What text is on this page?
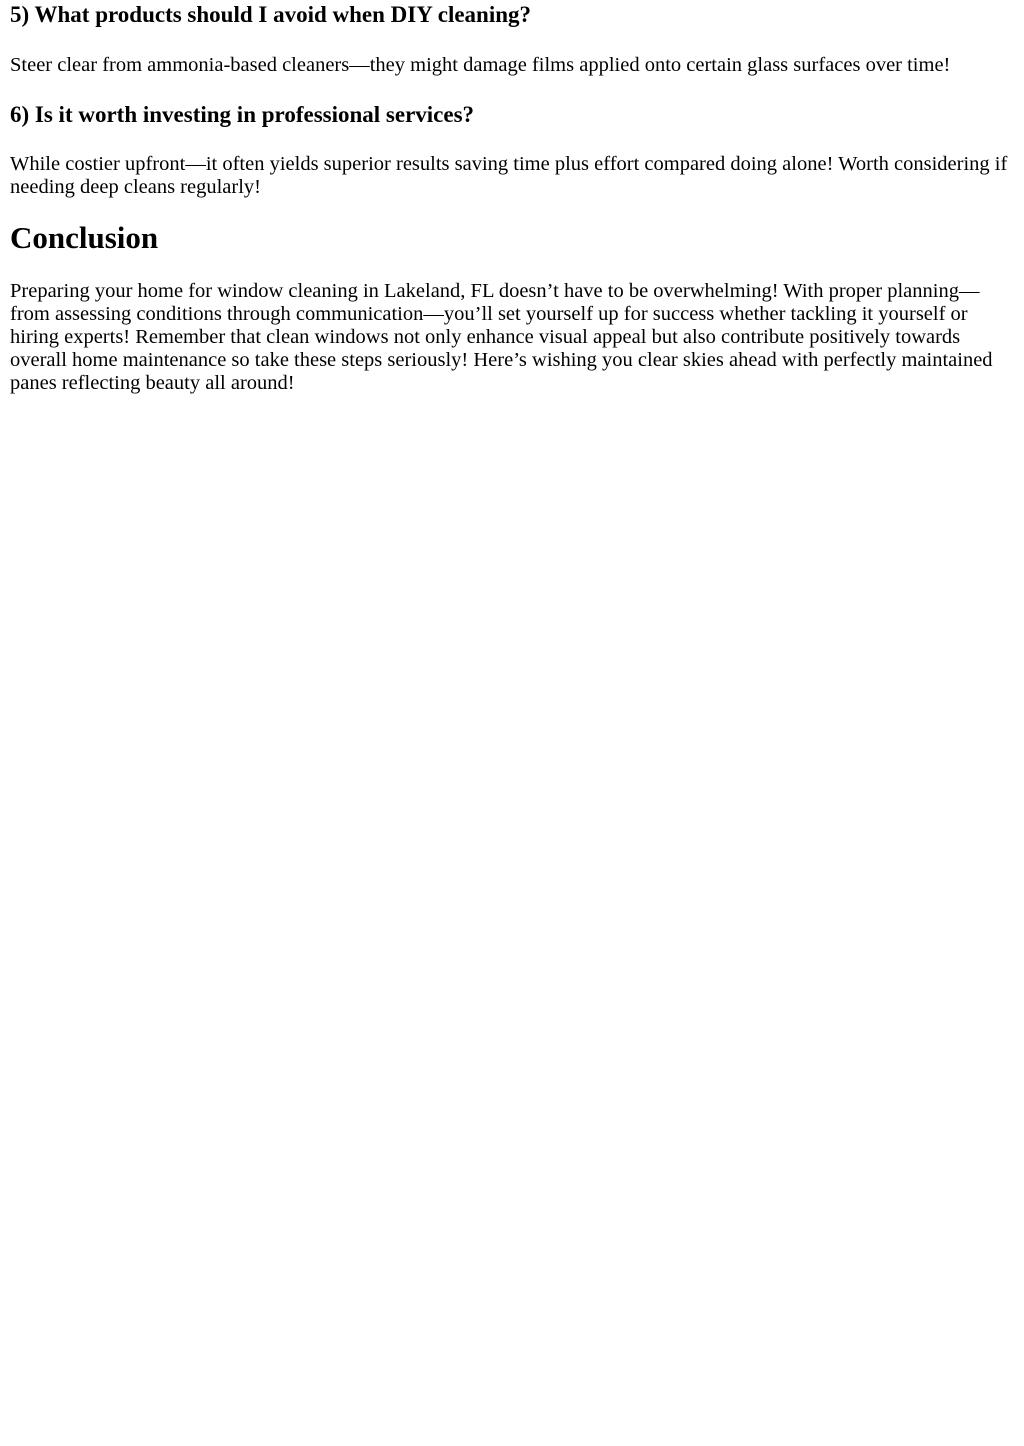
5) What products should I avoid when DIY cleaning?

Steer clear from ammonia-based cleaners—they might damage films applied onto certain glass surfaces over time!

6) Is it worth investing in professional services?

While costier upfront—it often yields superior results saving time plus effort compared doing alone! Worth considering if needing deep cleans regularly!

Conclusion

Preparing your home for window cleaning in Lakeland, FL doesn’t have to be overwhelming! With proper planning—from assessing conditions through communication—you’ll set yourself up for success whether tackling it yourself or hiring experts! Remember that clean windows not only enhance visual appeal but also contribute positively towards overall home maintenance so take these steps seriously! Here’s wishing you clear skies ahead with perfectly maintained panes reflecting beauty all around!
